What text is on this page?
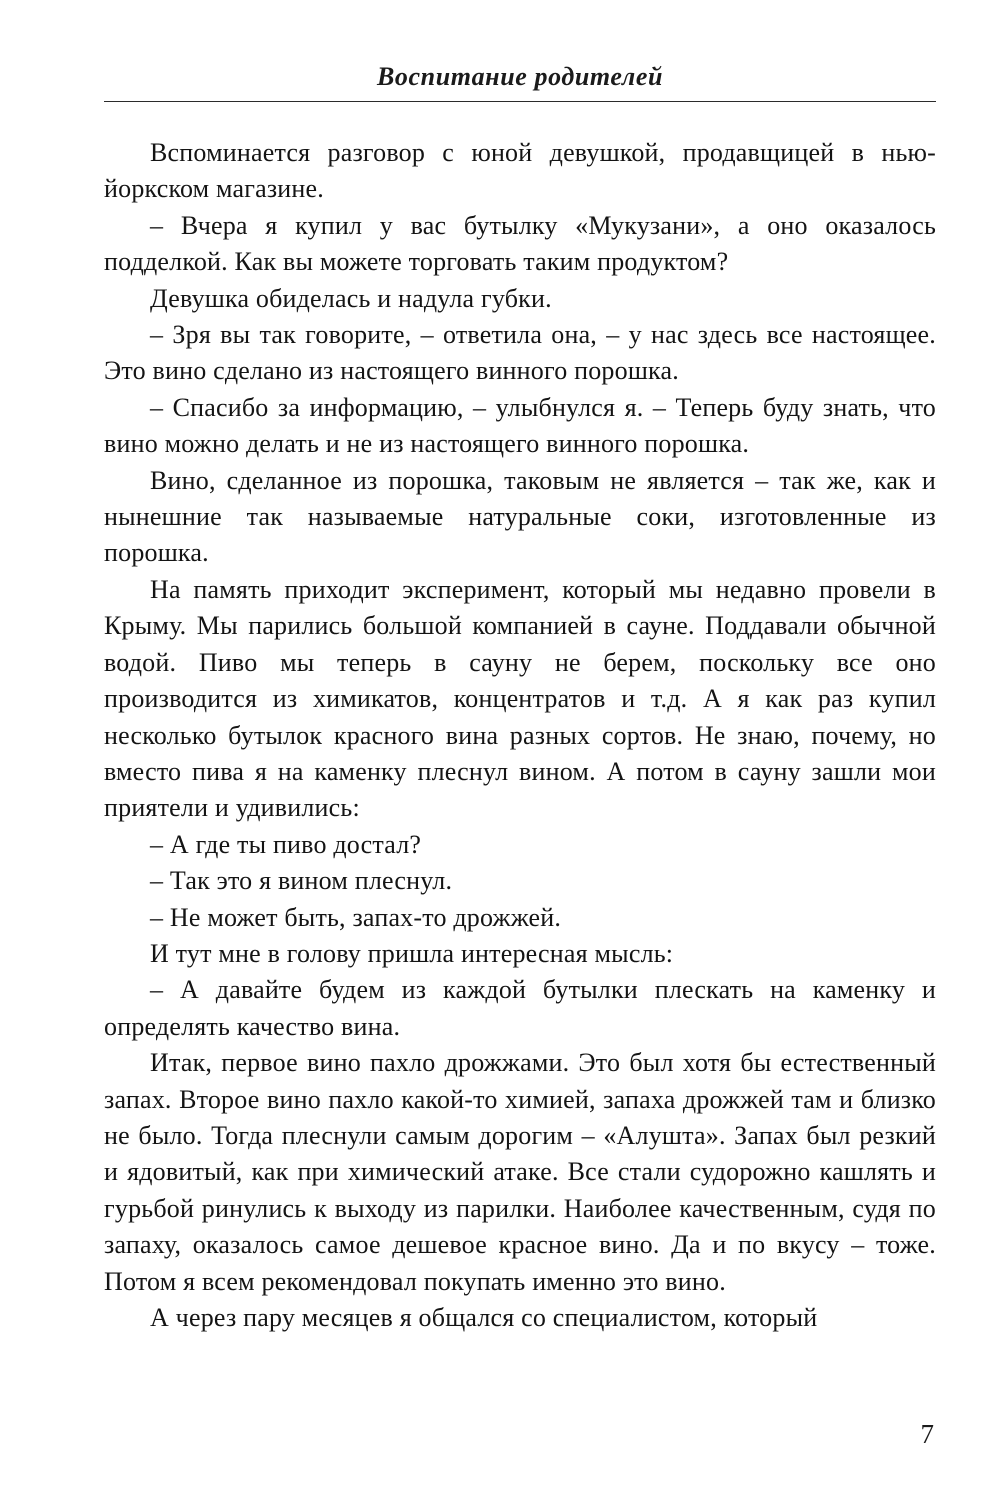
Воспитание родителей

Вспоминается разговор с юной девушкой, продавщицей в нью-йоркском магазине.

– Вчера я купил у вас бутылку «Мукузани», а оно оказалось подделкой. Как вы можете торговать таким продуктом?

Девушка обиделась и надула губки.

– Зря вы так говорите, – ответила она, – у нас здесь все настоящее. Это вино сделано из настоящего винного порошка.

– Спасибо за информацию, – улыбнулся я. – Теперь буду знать, что вино можно делать и не из настоящего винного порошка.

Вино, сделанное из порошка, таковым не является – так же, как и нынешние так называемые натуральные соки, изготовленные из порошка.

На память приходит эксперимент, который мы недавно провели в Крыму. Мы парились большой компанией в сауне. Поддавали обычной водой. Пиво мы теперь в сауну не берем, поскольку все оно производится из химикатов, концентратов и т.д. А я как раз купил несколько бутылок красного вина разных сортов. Не знаю, почему, но вместо пива я на каменку плеснул вином. А потом в сауну зашли мои приятели и удивились:

– А где ты пиво достал?

– Так это я вином плеснул.

– Не может быть, запах-то дрожжей.

И тут мне в голову пришла интересная мысль:

– А давайте будем из каждой бутылки плескать на каменку и определять качество вина.

Итак, первое вино пахло дрожжами. Это был хотя бы естественный запах. Второе вино пахло какой-то химией, запаха дрожжей там и близко не было. Тогда плеснули самым дорогим – «Алушта». Запах был резкий и ядовитый, как при химический атаке. Все стали судорожно кашлять и гурьбой ринулись к выходу из парилки. Наиболее качественным, судя по запаху, оказалось самое дешевое красное вино. Да и по вкусу – тоже. Потом я всем рекомендовал покупать именно это вино.

А через пару месяцев я общался со специалистом, который

7
